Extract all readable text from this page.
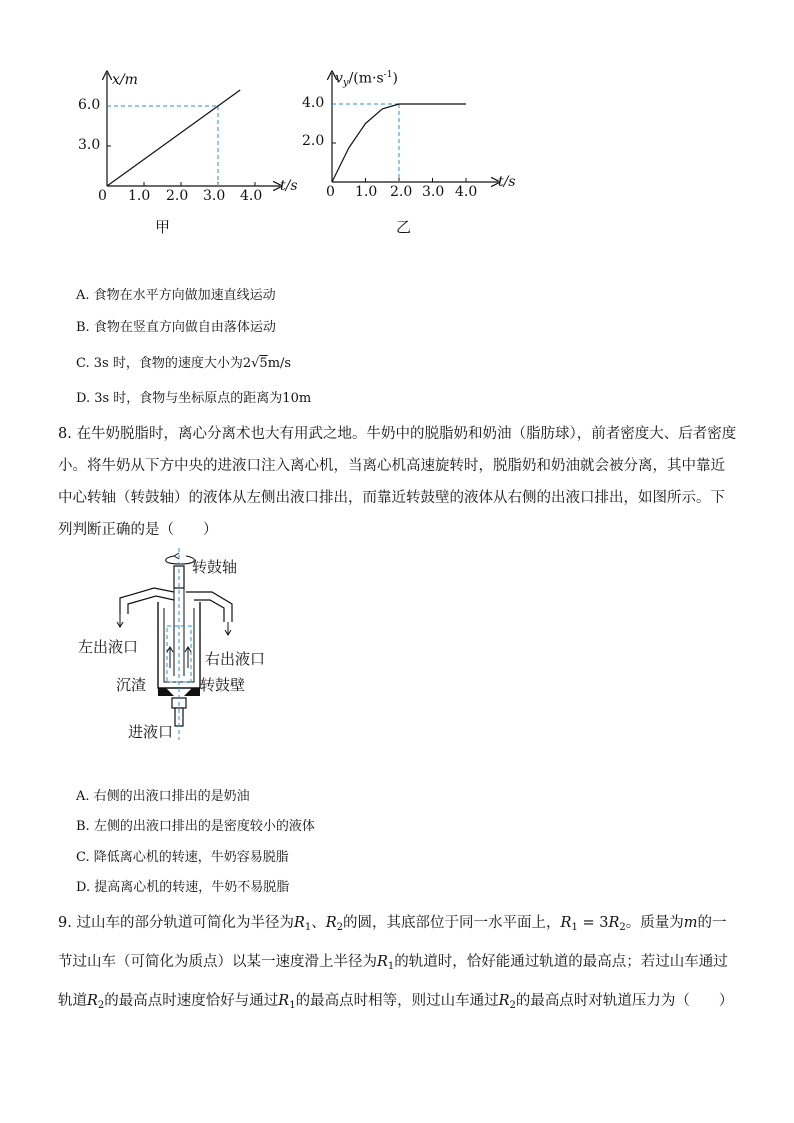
x/m
t/s
6.0
3.0
0 1.0 2.0 3.0 4.0
甲
$v_y/(m\cdot s^{-1})$
t/s
4.0
2.0
0 1.0 2.0 3.0 4.0
乙
A. 食物在水平方向做加速直线运动
B. 食物在竖直方向做自由落体运动
C. 3s 时，食物的速度大小为2√5m/s
D. 3s 时，食物与坐标原点的距离为10m

8. 在牛奶脱脂时，离心分离术也大有用武之地。牛奶中的脱脂奶和奶油（脂肪球），前者密度大、后者密度

小。将牛奶从下方中央的进液口注入离心机，当离心机高速旋转时，脱脂奶和奶油就会被分离，其中靠近

中心转轴（转鼓轴）的液体从左侧出液口排出，而靠近转鼓壁的液体从右侧的出液口排出，如图所示。下

列判断正确的是（　　）

转鼓轴
左出液口
右出液口
沉渣	转鼓壁
进液口
A. 右侧的出液口排出的是奶油
B. 左侧的出液口排出的是密度较小的液体
C. 降低离心机的转速，牛奶容易脱脂
D. 提高离心机的转速，牛奶不易脱脂

9. 过山车的部分轨道可简化为半径为$R_1$、$R_2$的圆，其底部位于同一水平面上，$R_1 = 3R_2$。质量为m的一

节过山车（可简化为质点）以某一速度滑上半径为$R_1$的轨道时，恰好能通过轨道的最高点；若过山车通过

轨道$R_2$的最高点时速度恰好与通过$R_1$的最高点时相等，则过山车通过$R_2$的最高点时对轨道压力为（　　）
